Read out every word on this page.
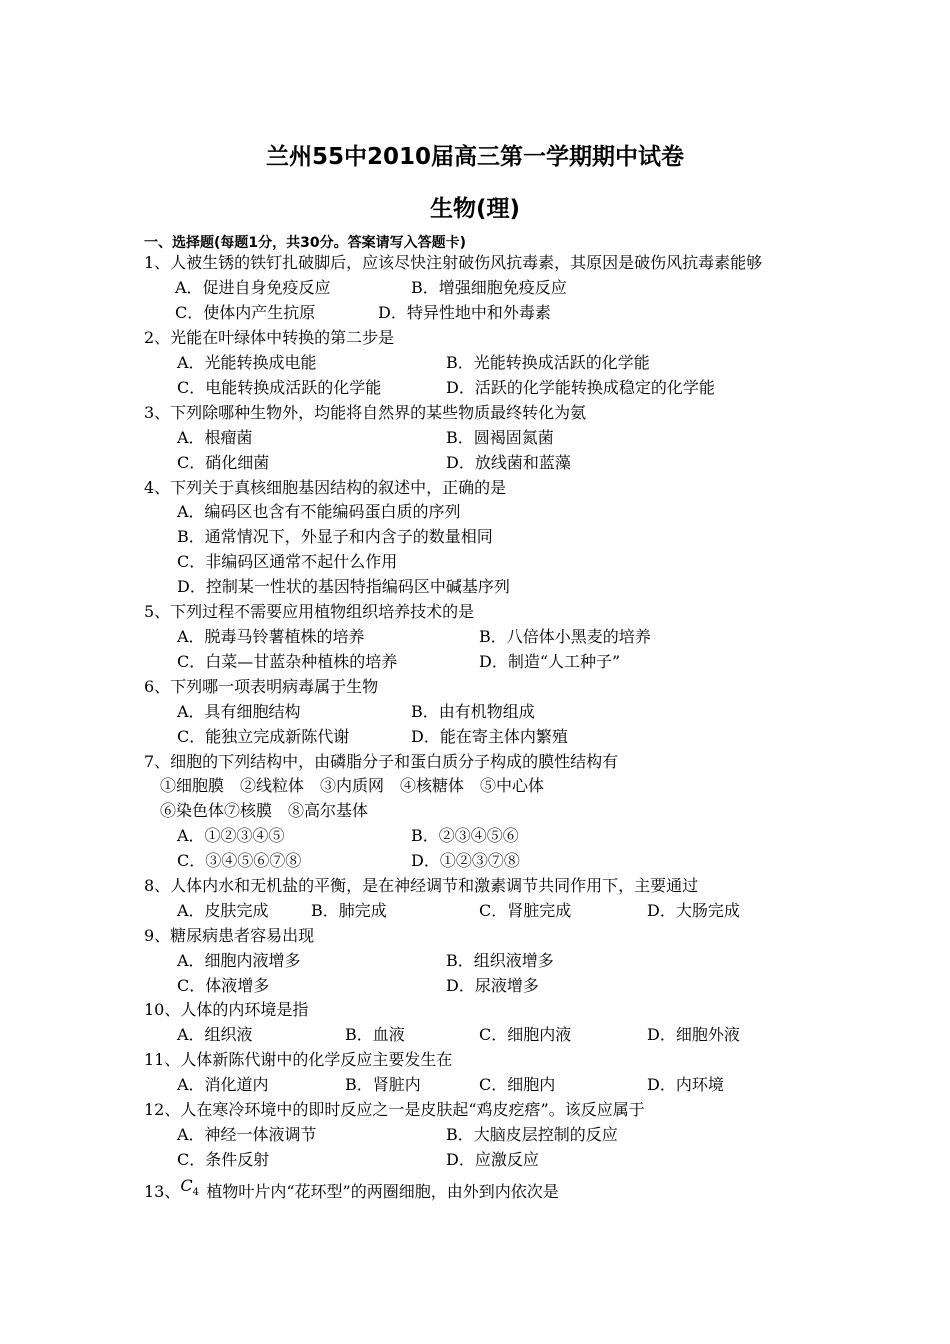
兰州55中2010届高三第一学期期中试卷
生物(理)

一、选择题(每题1分，共30分。答案请写入答题卡)

1、人被生锈的铁钉扎破脚后，应该尽快注射破伤风抗毒素，其原因是破伤风抗毒素能够
A．促进自身免疫反应	B．增强细胞免疫反应
C．使体内产生抗原	D．特异性地中和外毒素
2、光能在叶绿体中转换的第二步是
A．光能转换成电能	B．光能转换成活跃的化学能
C．电能转换成活跃的化学能	D．活跃的化学能转换成稳定的化学能
3、下列除哪种生物外，均能将自然界的某些物质最终转化为氨
A．根瘤菌	B．圆褐固氮菌
C．硝化细菌	D．放线菌和蓝藻
4、下列关于真核细胞基因结构的叙述中，正确的是
A．编码区也含有不能编码蛋白质的序列
B．通常情况下，外显子和内含子的数量相同
C．非编码区通常不起什么作用
D．控制某一性状的基因特指编码区中碱基序列
5、下列过程不需要应用植物组织培养技术的是
A．脱毒马铃薯植株的培养	B．八倍体小黑麦的培养
C．白菜—甘蓝杂种植株的培养	D．制造“人工种子”
6、下列哪一项表明病毒属于生物
A．具有细胞结构	B．由有机物组成
C．能独立完成新陈代谢	D．能在寄主体内繁殖
7、细胞的下列结构中，由磷脂分子和蛋白质分子构成的膜性结构有
①细胞膜　②线粒体　③内质网　④核糖体　⑤中心体
⑥染色体⑦核膜　⑧高尔基体
A．①②③④⑤	B．②③④⑤⑥
C．③④⑤⑥⑦⑧	D．①②③⑦⑧
8、人体内水和无机盐的平衡，是在神经调节和激素调节共同作用下，主要通过
A．皮肤完成	B．肺完成	C．肾脏完成	D．大肠完成
9、糖尿病患者容易出现
A．细胞内液增多	B．组织液增多
C．体液增多	D．尿液增多
10、人体的内环境是指
A．组织液	B．血液	C．细胞内液	D．细胞外液
11、人体新陈代谢中的化学反应主要发生在
A．消化道内	B．肾脏内	C．细胞内	D．内环境
12、人在寒冷环境中的即时反应之一是皮肤起“鸡皮疙瘩”。该反应属于
A．神经一体液调节	B．大脑皮层控制的反应
C．条件反射	D．应激反应
13、C4 植物叶片内“花环型”的两圈细胞，由外到内依次是
